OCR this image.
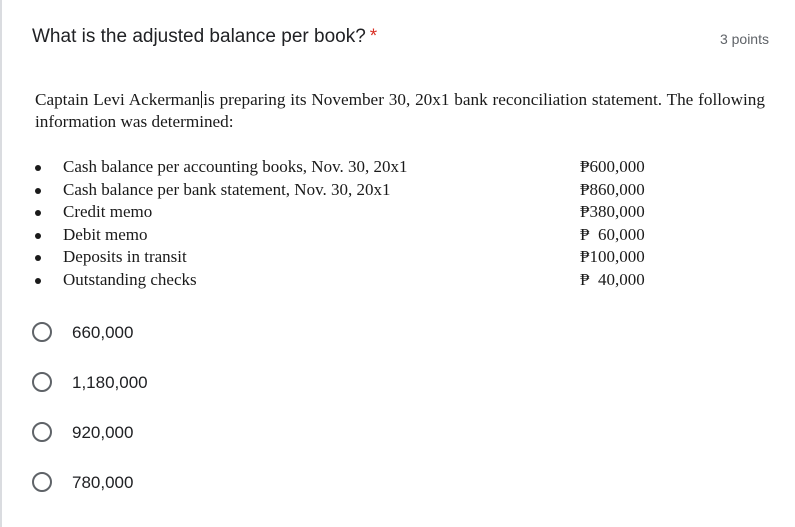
What is the adjusted balance per book? *	3 points
Captain Levi Ackerman is preparing its November 30, 20x1 bank reconciliation statement. The following information was determined:
Cash balance per accounting books, Nov. 30, 20x1	₱600,000
Cash balance per bank statement, Nov. 30, 20x1	₱860,000
Credit memo	₱380,000
Debit memo	₱  60,000
Deposits in transit	₱100,000
Outstanding checks	₱  40,000
660,000
1,180,000
920,000
780,000
